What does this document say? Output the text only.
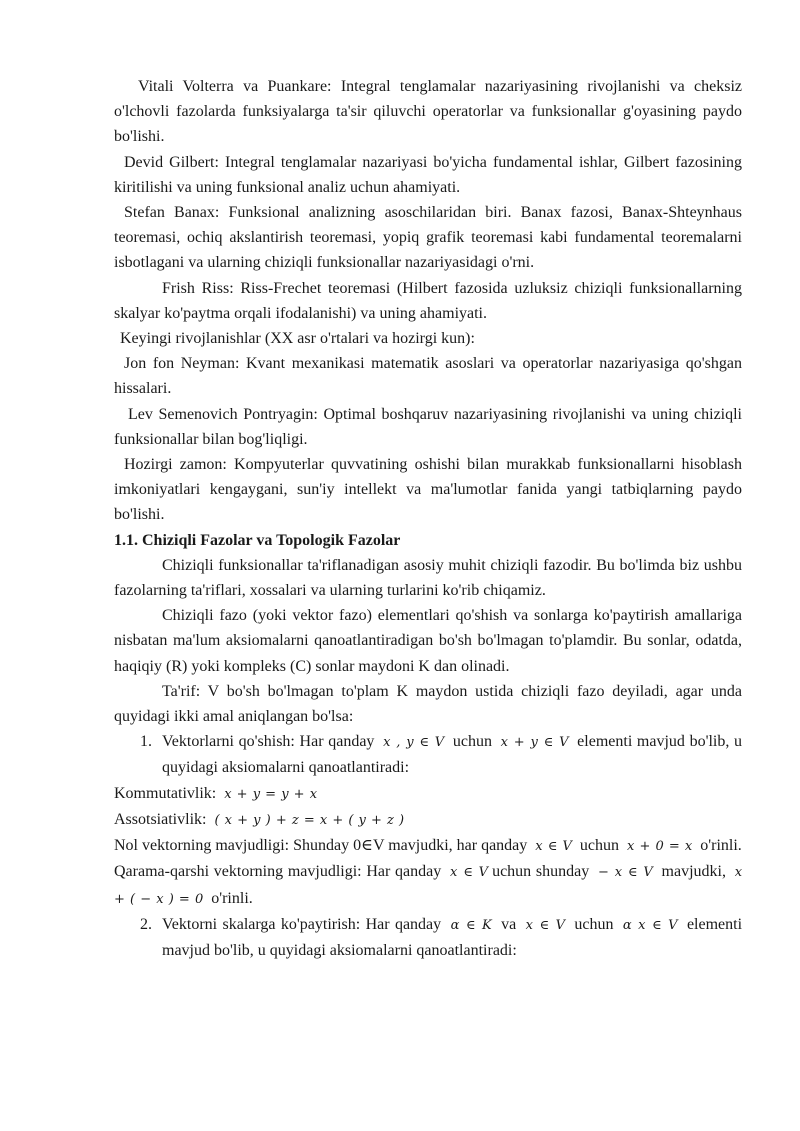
Vitali Volterra va Puankare: Integral tenglamalar nazariyasining rivojlanishi va cheksiz o'lchovli fazolarda funksiyalarga ta'sir qiluvchi operatorlar va funksionallar g'oyasining paydo bo'lishi.

Devid Gilbert: Integral tenglamalar nazariyasi bo'yicha fundamental ishlar, Gilbert fazosining kiritilishi va uning funksional analiz uchun ahamiyati.

Stefan Banax: Funksional analizning asoschilaridan biri. Banax fazosi, Banax-Shteynhaus teoremasi, ochiq akslantirish teoremasi, yopiq grafik teoremasi kabi fundamental teoremalarni isbotlagani va ularning chiziqli funksionallar nazariyasidagi o'rni.

Frish Riss: Riss-Frechet teoremasi (Hilbert fazosida uzluksiz chiziqli funksionallarning skalyar ko'paytma orqali ifodalanishi) va uning ahamiyati.

Keyingi rivojlanishlar (XX asr o'rtalari va hozirgi kun):

Jon fon Neyman: Kvant mexanikasi matematik asoslari va operatorlar nazariyasiga qo'shgan hissalari.

Lev Semenovich Pontryagin: Optimal boshqaruv nazariyasining rivojlanishi va uning chiziqli funksionallar bilan bog'liqligi.

Hozirgi zamon: Kompyuterlar quvvatining oshishi bilan murakkab funksionallarni hisoblash imkoniyatlari kengaygani, sun'iy intellekt va ma'lumotlar fanida yangi tatbiqlarning paydo bo'lishi.

1.1. Chiziqli Fazolar va Topologik Fazolar

Chiziqli funksionallar ta'riflanadigan asosiy muhit chiziqli fazodir. Bu bo'limda biz ushbu fazolarning ta'riflari, xossalari va ularning turlarini ko'rib chiqamiz.

Chiziqli fazo (yoki vektor fazo) elementlari qo'shish va sonlarga ko'paytirish amallariga nisbatan ma'lum aksiomalarni qanoatlantiradigan bo'sh bo'lmagan to'plamdir. Bu sonlar, odatda, haqiqiy (R) yoki kompleks (C) sonlar maydoni K dan olinadi.

Ta'rif: V bo'sh bo'lmagan to'plam K maydon ustida chiziqli fazo deyiladi, agar unda quyidagi ikki amal aniqlangan bo'lsa:

1. Vektorlarni qo'shish: Har qanday x , y ∈ V uchun x + y ∈ V elementi mavjud bo'lib, u quyidagi aksiomalarni qanoatlantiradi:

Kommutativlik: x + y = y + x

Assotsiativlik: ( x + y ) + z = x + ( y + z )

Nol vektorning mavjudligi: Shunday 0∈V mavjudki, har qanday x ∈ V uchun x + 0 = x o'rinli.

Qarama-qarshi vektorning mavjudligi: Har qanday x ∈ V uchun shunday − x ∈ V mavjudki, x + ( − x ) = 0 o'rinli.

2. Vektorni skalarga ko'paytirish: Har qanday α ∈ K va x ∈ V uchun α x ∈ V elementi mavjud bo'lib, u quyidagi aksiomalarni qanoatlantiradi:
